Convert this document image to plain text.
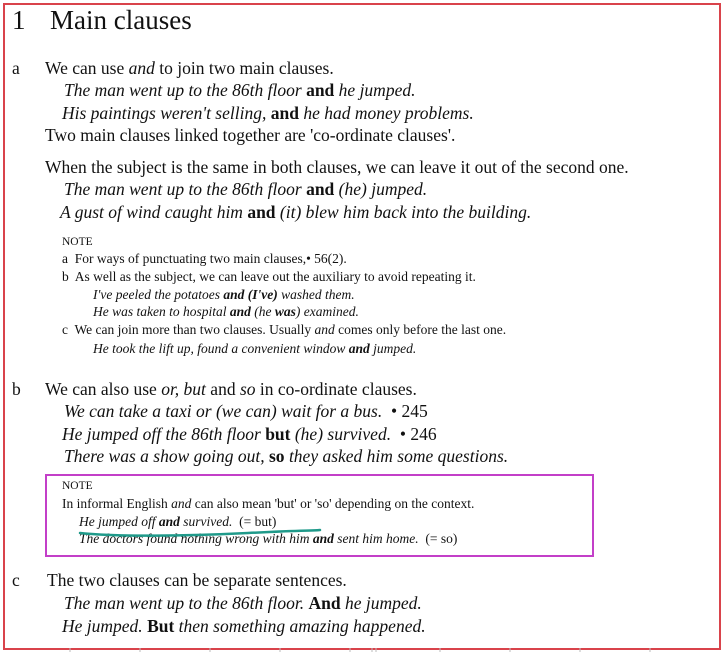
1 Main clauses
a We can use and to join two main clauses.
The man went up to the 86th floor and he jumped.
His paintings weren't selling, and he had money problems.
Two main clauses linked together are 'co-ordinate clauses'.
When the subject is the same in both clauses, we can leave it out of the second one.
The man went up to the 86th floor and (he) jumped.
A gust of wind caught him and (it) blew him back into the building.
NOTE
a For ways of punctuating two main clauses,• 56(2).
b As well as the subject, we can leave out the auxiliary to avoid repeating it.
I've peeled the potatoes and (I've) washed them.
He was taken to hospital and (he was) examined.
c We can join more than two clauses. Usually and comes only before the last one.
He took the lift up, found a convenient window and jumped.
b We can also use or, but and so in co-ordinate clauses.
We can take a taxi or (we can) wait for a bus. • 245
He jumped off the 86th floor but (he) survived. • 246
There was a show going out, so they asked him some questions.
NOTE
In informal English and can also mean 'but' or 'so' depending on the context.
He jumped off and survived. (= but)
The doctors found nothing wrong with him and sent him home. (= so)
c The two clauses can be separate sentences.
The man went up to the 86th floor. And he jumped.
He jumped. But then something amazing happened.
